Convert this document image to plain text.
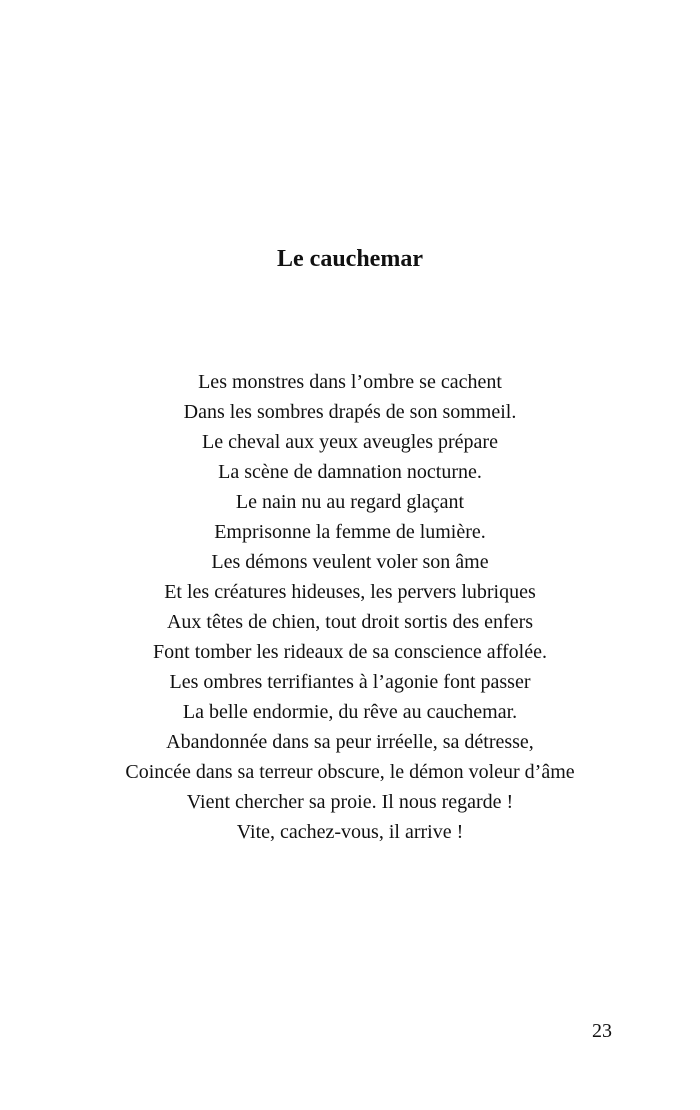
Le cauchemar
Les monstres dans l’ombre se cachent
Dans les sombres drapés de son sommeil.
Le cheval aux yeux aveugles prépare
La scène de damnation nocturne.
Le nain nu au regard glaçant
Emprisonne la femme de lumière.
Les démons veulent voler son âme
Et les créatures hideuses, les pervers lubriques
Aux têtes de chien, tout droit sortis des enfers
Font tomber les rideaux de sa conscience affolée.
Les ombres terrifiantes à l’agonie font passer
La belle endormie, du rêve au cauchemar.
Abandonnée dans sa peur irréelle, sa détresse,
Coincée dans sa terreur obscure, le démon voleur d’âme
Vient chercher sa proie. Il nous regarde !
Vite, cachez-vous, il arrive !
23
